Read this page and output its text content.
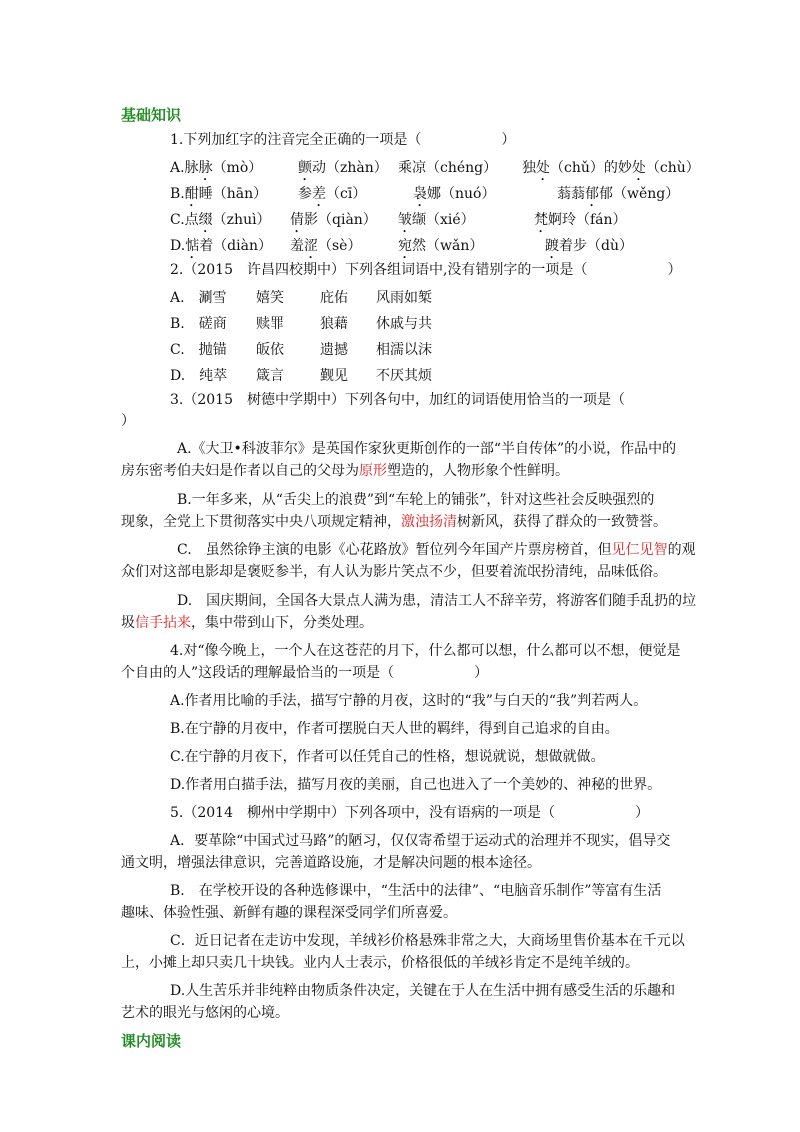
基础知识
1.下列加红字的注音完全正确的一项是（	）
A.脉脉（mò）	颤动（zhàn） 乘凉（chéng） 独处（chǔ）的妙处（chù）
B.酣睡（hān） 参差（cī）	袅娜（nuó）	蓊蓊郁郁（wěng）
C.点缀（zhuì） 倩影（qiàn） 皱缬（xié）	梵婀玲（fán）
D.惦着（diàn） 羞涩（sè）	宛然（wǎn）	踱着步（dù）
2.（2015　许昌四校期中）下列各组词语中,没有错别字的一项是（	）
A.　涮雪 嬉笑	庇佑 风雨如椠
B.　磋商 赎罪	狼藉 休戚与共
C.　抛锚 皈依	遗撼 相濡以沫
D.　纯萃 箴言	觐见 不厌其烦
3.（2015　树德中学期中）下列各句中，加红的词语使用恰当的一项是（
）
A.《大卫•科波菲尔》是英国作家狄更斯创作的一部“半自传体”的小说，作品中的
房东密考伯夫妇是作者以自己的父母为原形塑造的，人物形象个性鲜明。
B.一年多来，从“舌尖上的浪费”到“车轮上的铺张”，针对这些社会反映强烈的
现象，全党上下贯彻落实中央八项规定精神，激浊扬清树新风，获得了群众的一致赞誉。
C.　虽然徐铮主演的电影《心花路放》暂位列今年国产片票房榜首，但见仁见智的观
众们对这部电影却是褒贬参半，有人认为影片笑点不少，但要着流氓扮清纯，品味低俗。
D.　国庆期间，全国各大景点人满为患，清洁工人不辞辛劳，将游客们随手乱扔的垃
圾信手拈来，集中带到山下，分类处理。
4.对“像今晚上，一个人在这苍茫的月下，什么都可以想，什么都可以不想，便觉是
个自由的人”这段话的理解最恰当的一项是（	）
A.作者用比喻的手法，描写宁静的月夜，这时的“我”与白天的“我”判若两人。
B.在宁静的月夜中，作者可摆脱白天人世的羁绊，得到自己追求的自由。
C.在宁静的月夜下，作者可以任凭自己的性格，想说就说，想做就做。
D.作者用白描手法，描写月夜的美丽，自己也进入了一个美妙的、神秘的世界。
5.（2014　柳州中学期中）下列各项中，没有语病的一项是（	）
A．要革除“中国式过马路”的陋习，仅仅寄希望于运动式的治理并不现实，倡导交
通文明，增强法律意识，完善道路设施，才是解决问题的根本途径。
B.　在学校开设的各种选修课中，“生活中的法律”、“电脑音乐制作”等富有生活
趣味、体验性强、新鲜有趣的课程深受同学们所喜爱。
C．近日记者在走访中发现，羊绒衫价格悬殊非常之大，大商场里售价基本在千元以
上，小摊上却只卖几十块钱。业内人士表示，价格很低的羊绒衫肯定不是纯羊绒的。
D.人生苦乐并非纯粹由物质条件决定，关键在于人在生活中拥有感受生活的乐趣和
艺术的眼光与悠闲的心境。
课内阅读
